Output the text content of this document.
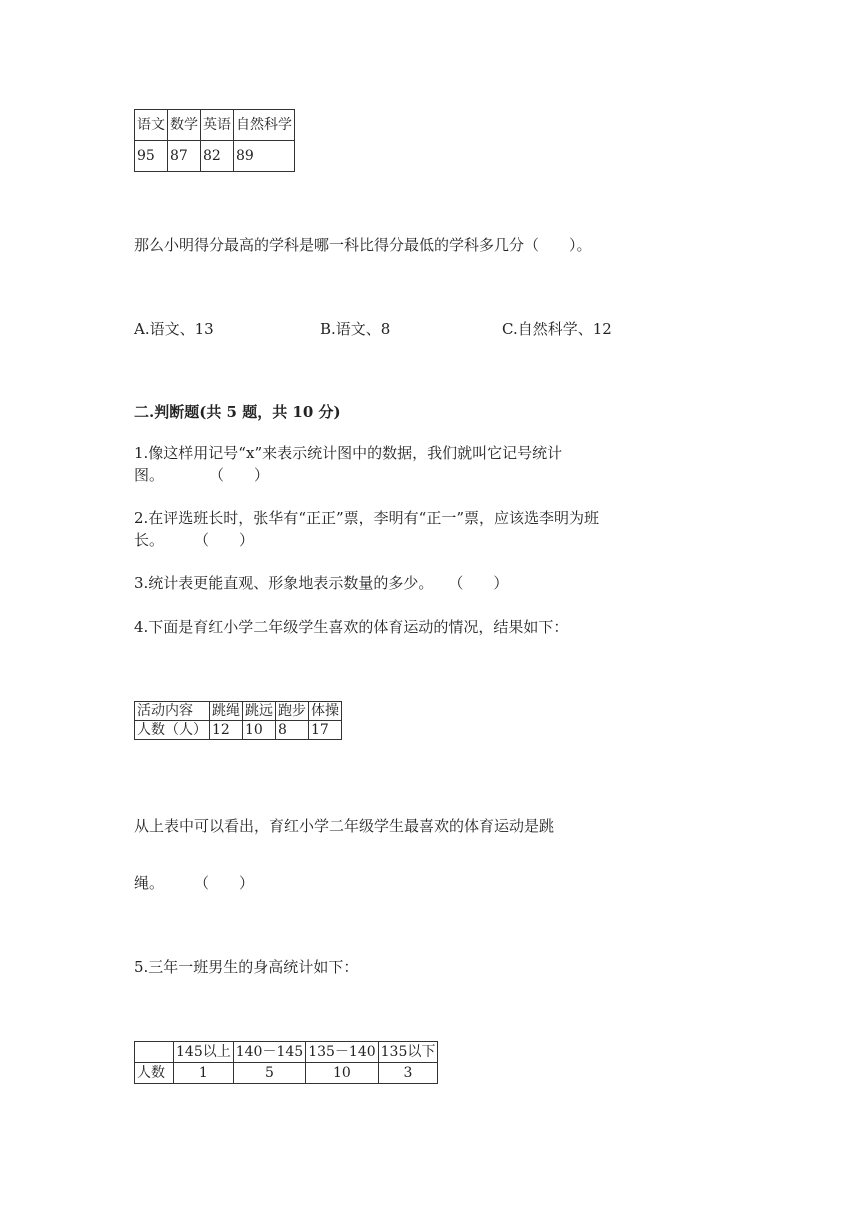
语文	数学	英语	自然科学
95	87	82	89
那么小明得分最高的学科是哪一科比得分最低的学科多几分（　　）。
A.语文、13	B.语文、8	C.自然科学、12
二.判断题(共 5 题，共 10 分)
1.像这样用记号“x”来表示统计图中的数据，我们就叫它记号统计
图。　　　　（　　）
2.在评选班长时，张华有“正正”票，李明有“正一”票，应该选李明为班
长。　　　（　　）
3.统计表更能直观、形象地表示数量的多少。　　（　　）
4.下面是育红小学二年级学生喜欢的体育运动的情况，结果如下：
活动内容	跳绳	跳远	跑步	体操
人数（人）	12	10	8	17
从上表中可以看出，育红小学二年级学生最喜欢的体育运动是跳
绳。　　　（　　）
5.三年一班男生的身高统计如下：
	145以上	140－145	135－140	135以下
人数	1	5	10	3
